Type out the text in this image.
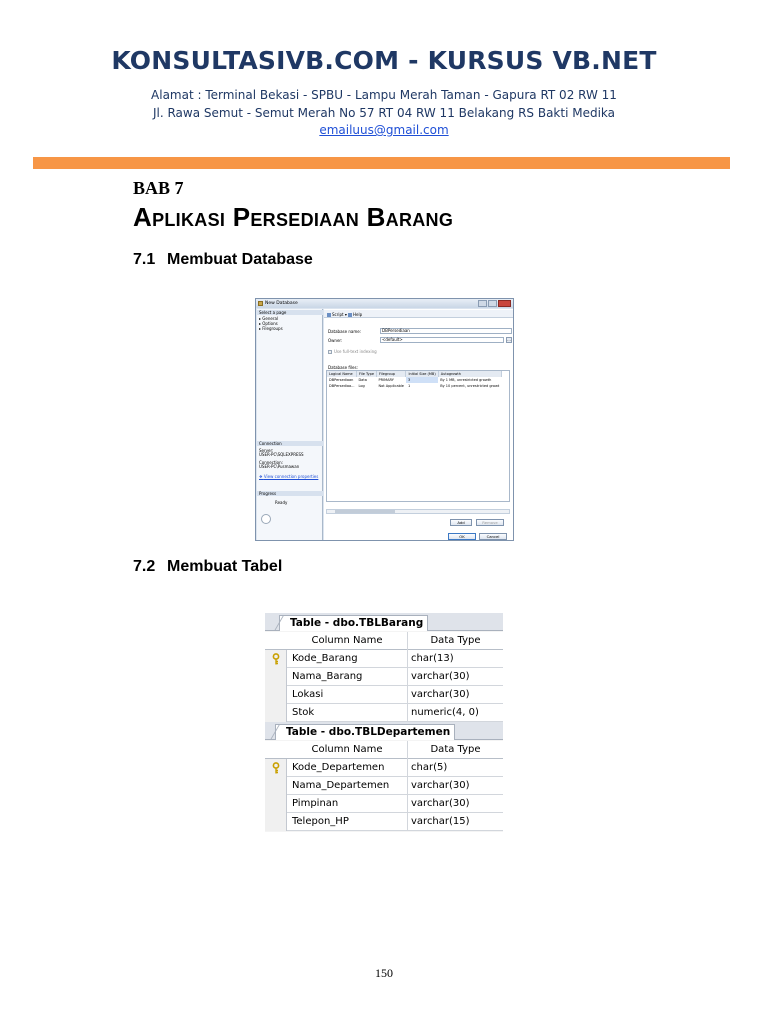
KONSULTASIVB.COM - KURSUS VB.NET
Alamat : Terminal Bekasi - SPBU - Lampu Merah Taman - Gapura RT 02 RW 11
Jl. Rawa Semut - Semut Merah No 57 RT 04 RW 11 Belakang RS Bakti Medika
emailuus@gmail.com
BAB 7
Aplikasi Persediaan Barang
7.1 Membuat Database
New Database
Select a page
▸ General
▸ Options
▸ Filegroups
Connection
Server:
USER-PC\SQLEXPRESS
Connection:
USER-PC\Pusmawan
❖ View connection properties
Progress
Ready
Script ▾	Help
Database name:	DBPersediaan
Owner:	<default>	...
Use full-text indexing
Database files:
Logical Name	File Type	Filegroup	Initial Size (MB)	Autogrowth
DBPersediaan	Data	PRIMARY	3	By 1 MB, unrestricted growth
DBPersediaa...	Log	Not Applicable	1	By 10 percent, unrestricted growt
Add	Remove
OK	Cancel
7.2 Membuat Tabel
Table - dbo.TBLBarang
Column Name	Data Type
Kode_Barang	char(13)
Nama_Barang	varchar(30)
Lokasi	varchar(30)
Stok	numeric(4, 0)
Table - dbo.TBLDepartemen
Column Name	Data Type
Kode_Departemen	char(5)
Nama_Departemen varchar(30)
Pimpinan	varchar(30)
Telepon_HP	varchar(15)
150
